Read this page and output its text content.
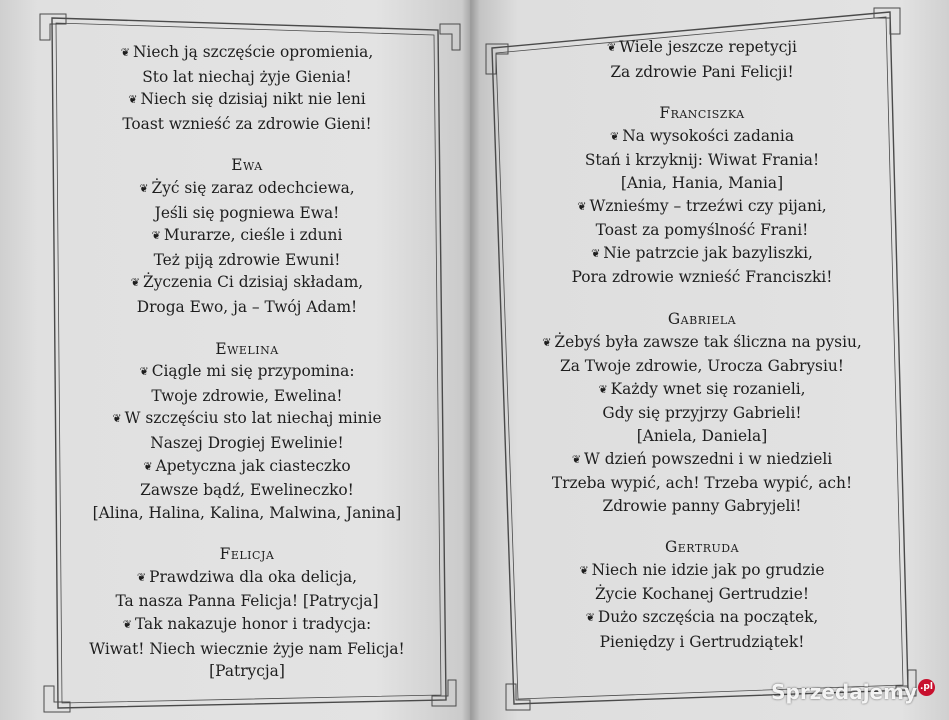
❦ Niech ją szczęście opromienia,
Sto lat niechaj żyje Gienia!
❦ Niech się dzisiaj nikt nie leni
Toast wznieść za zdrowie Gieni!
Ewa
❦ Żyć się zaraz odechciewa,
Jeśli się pogniewa Ewa!
❦ Murarze, cieśle i zduni
Też piją zdrowie Ewuni!
❦ Życzenia Ci dzisiaj składam,
Droga Ewo, ja – Twój Adam!
Ewelina
❦ Ciągle mi się przypomina:
Twoje zdrowie, Ewelina!
❦ W szczęściu sto lat niechaj minie
Naszej Drogiej Ewelinie!
❦ Apetyczna jak ciasteczko
Zawsze bądź, Ewelineczko!
[Alina, Halina, Kalina, Malwina, Janina]
Felicja
❦ Prawdziwa dla oka delicja,
Ta nasza Panna Felicja! [Patrycja]
❦ Tak nakazuje honor i tradycja:
Wiwat! Niech wiecznie żyje nam Felicja!
[Patrycja]
❦ Wiele jeszcze repetycji
Za zdrowie Pani Felicji!
Franciszka
❦ Na wysokości zadania
Stań i krzyknij: Wiwat Frania!
[Ania, Hania, Mania]
❦ Wznieśmy – trzeźwi czy pijani,
Toast za pomyślność Frani!
❦ Nie patrzcie jak bazyliszki,
Pora zdrowie wznieść Franciszki!
Gabriela
❦ Żebyś była zawsze tak śliczna na pysiu,
Za Twoje zdrowie, Urocza Gabrysiu!
❦ Każdy wnet się rozanieli,
Gdy się przyjrzy Gabrieli!
[Aniela, Daniela]
❦ W dzień powszedni i w niedzieli
Trzeba wypić, ach! Trzeba wypić, ach!
Zdrowie panny Gabryjeli!
Gertruda
❦ Niech nie idzie jak po grudzie
Życie Kochanej Gertrudzie!
❦ Dużo szczęścia na początek,
Pieniędzy i Gertrudziątek!
Sprzedajemy .pl
